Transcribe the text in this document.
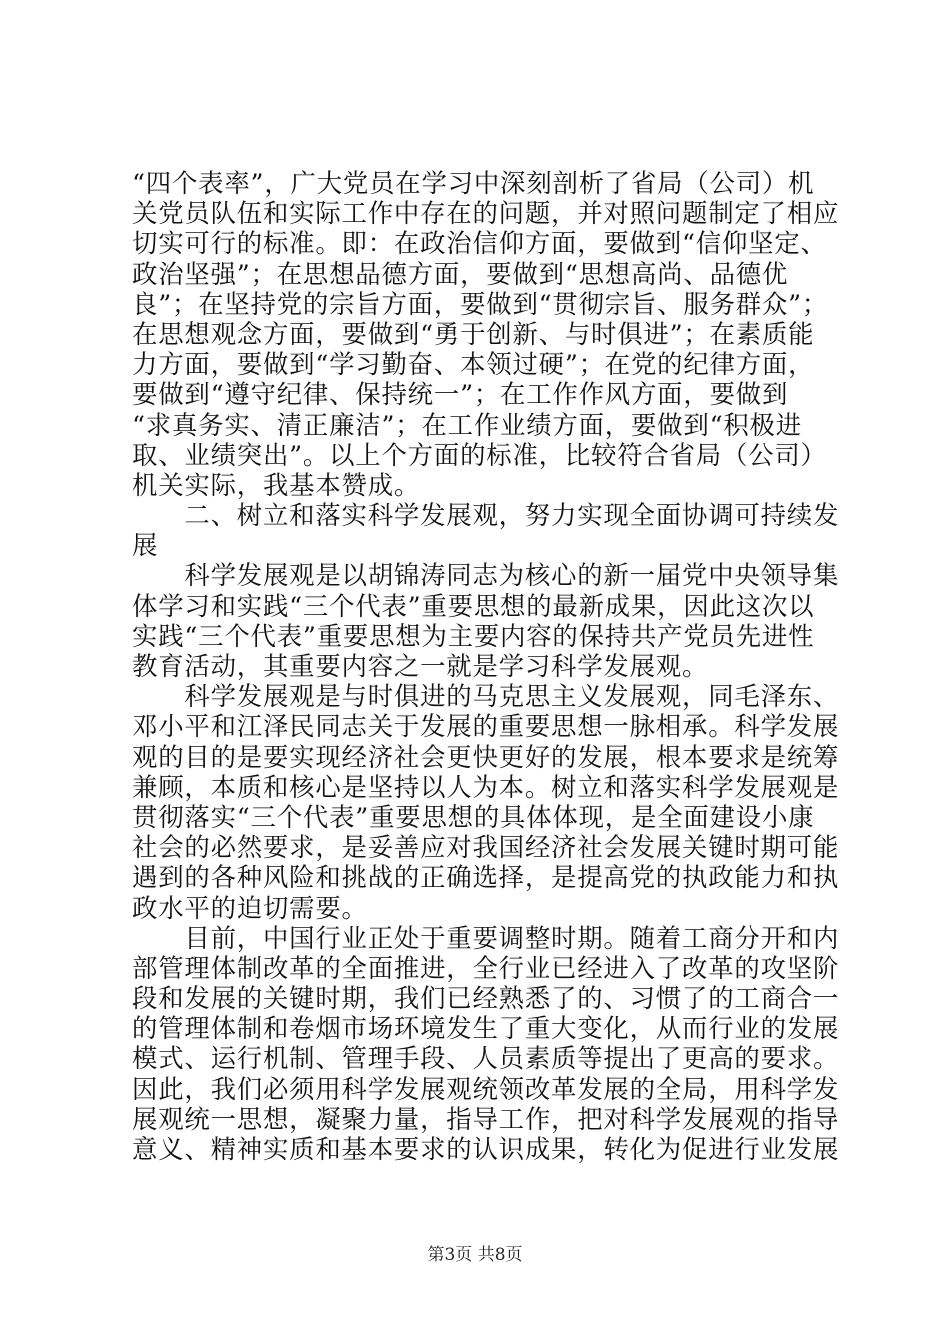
“四个表率”，广大党员在学习中深刻剖析了省局（公司）机
关党员队伍和实际工作中存在的问题，并对照问题制定了相应
切实可行的标准。即：在政治信仰方面，要做到“信仰坚定、
政治坚强”；在思想品德方面，要做到“思想高尚、品德优
良”；在坚持党的宗旨方面，要做到“贯彻宗旨、服务群众”；
在思想观念方面，要做到“勇于创新、与时俱进”；在素质能
力方面，要做到“学习勤奋、本领过硬”；在党的纪律方面，
要做到“遵守纪律、保持统一”；在工作作风方面，要做到
“求真务实、清正廉洁”；在工作业绩方面，要做到“积极进
取、业绩突出”。以上个方面的标准，比较符合省局（公司）
机关实际，我基本赞成。
　　二、树立和落实科学发展观，努力实现全面协调可持续发
展
　　科学发展观是以胡锦涛同志为核心的新一届党中央领导集
体学习和实践“三个代表”重要思想的最新成果，因此这次以
实践“三个代表”重要思想为主要内容的保持共产党员先进性
教育活动，其重要内容之一就是学习科学发展观。
　　科学发展观是与时俱进的马克思主义发展观，同毛泽东、
邓小平和江泽民同志关于发展的重要思想一脉相承。科学发展
观的目的是要实现经济社会更快更好的发展，根本要求是统筹
兼顾，本质和核心是坚持以人为本。树立和落实科学发展观是
贯彻落实“三个代表”重要思想的具体体现，是全面建设小康
社会的必然要求，是妥善应对我国经济社会发展关键时期可能
遇到的各种风险和挑战的正确选择，是提高党的执政能力和执
政水平的迫切需要。
　　目前，中国行业正处于重要调整时期。随着工商分开和内
部管理体制改革的全面推进，全行业已经进入了改革的攻坚阶
段和发展的关键时期，我们已经熟悉了的、习惯了的工商合一
的管理体制和卷烟市场环境发生了重大变化，从而行业的发展
模式、运行机制、管理手段、人员素质等提出了更高的要求。
因此，我们必须用科学发展观统领改革发展的全局，用科学发
展观统一思想，凝聚力量，指导工作，把对科学发展观的指导
意义、精神实质和基本要求的认识成果，转化为促进行业发展
第3页 共8页
